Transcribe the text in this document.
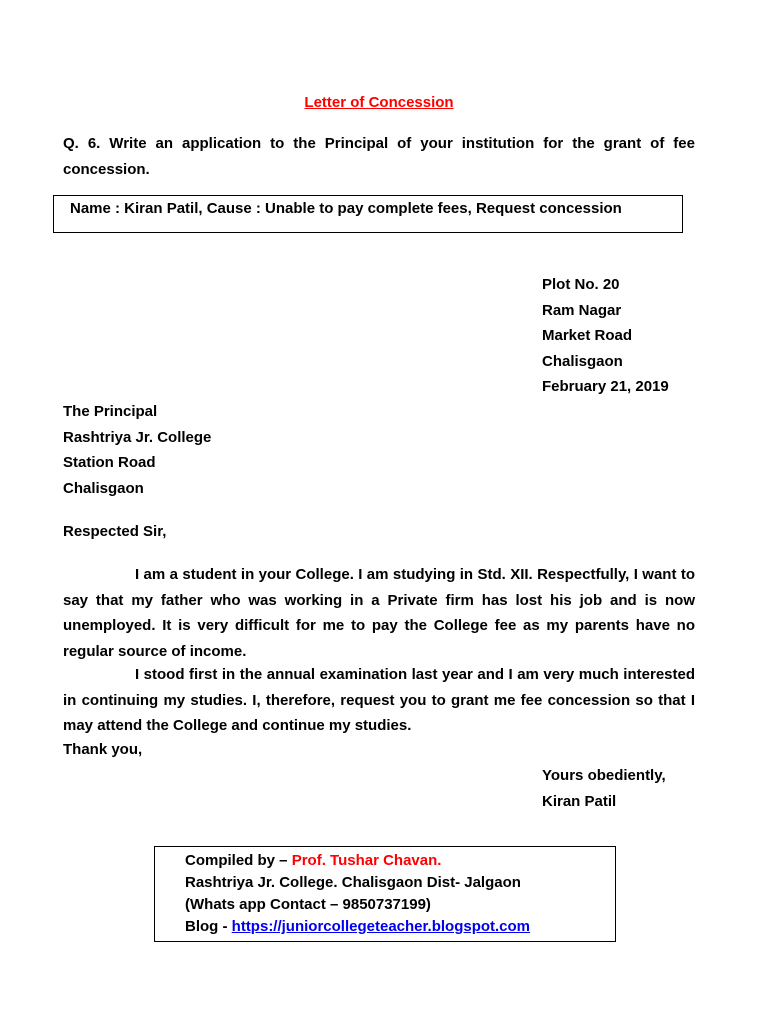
Letter of Concession
Q. 6. Write an application to the Principal of your institution for the grant of fee concession.
Name : Kiran Patil, Cause : Unable to pay complete fees, Request concession
Plot No. 20
Ram Nagar
Market Road
Chalisgaon
February 21, 2019
The Principal
Rashtriya Jr. College
Station Road
Chalisgaon
Respected Sir,
I am a student in your College. I am studying in Std. XII. Respectfully, I want to say that my father who was working in a Private firm has lost his job and is now unemployed. It is very difficult for me to pay the College fee as my parents have no regular source of income.
I stood first in the annual examination last year and I am very much interested in continuing my studies. I, therefore, request you to grant me fee concession so that I may attend the College and continue my studies.
Thank you,
Yours obediently,
Kiran Patil
Compiled by – Prof. Tushar Chavan.
Rashtriya Jr. College. Chalisgaon Dist- Jalgaon
(Whats app Contact – 9850737199)
Blog - https://juniorcollegeteacher.blogspot.com
